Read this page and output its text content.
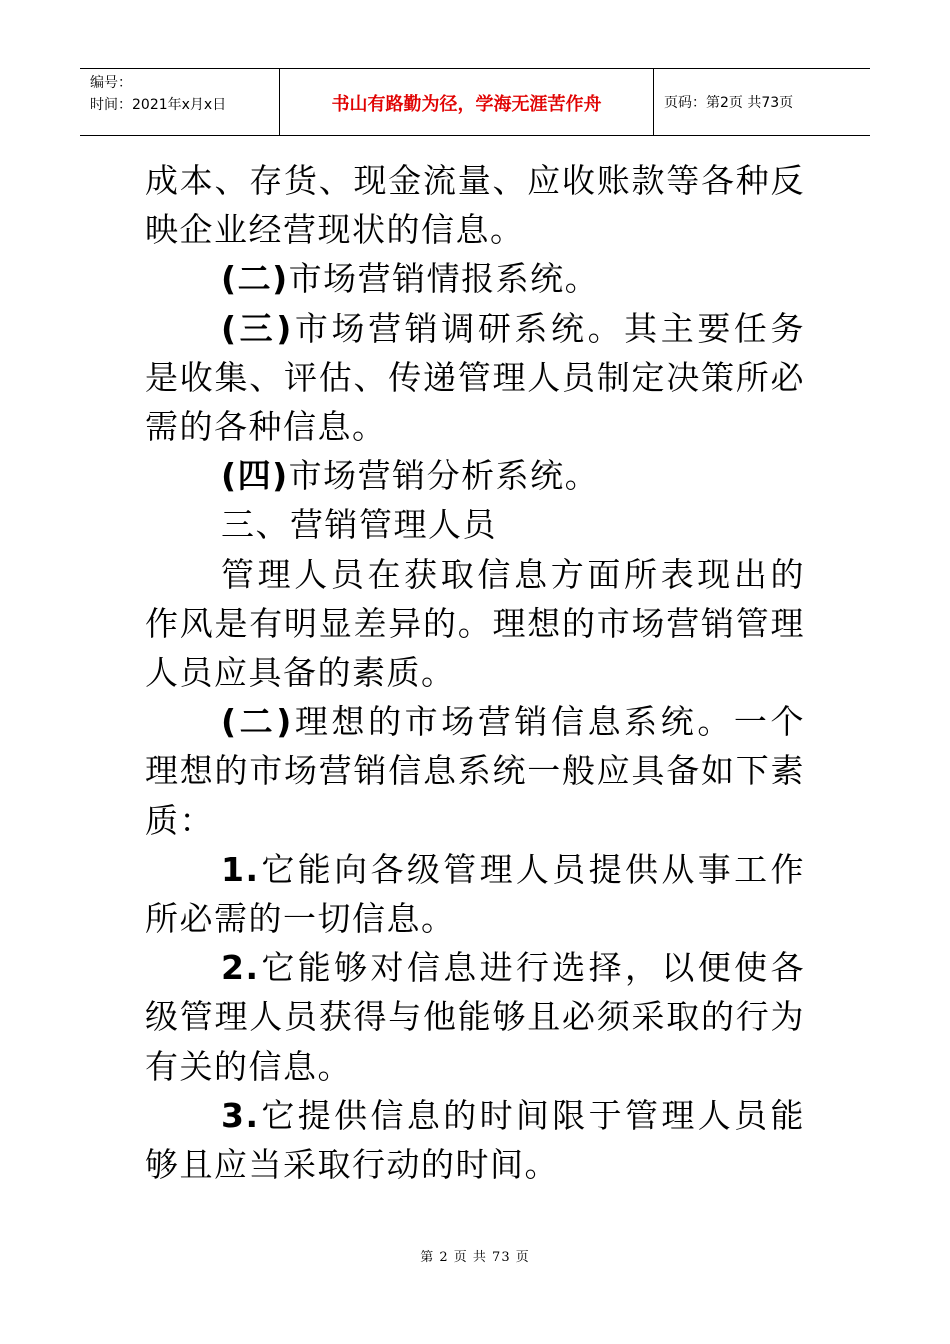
编号：
时间：2021年x月x日	书山有路勤为径，学海无涯苦作舟	页码：第2页 共73页

成本、存货、现金流量、应收账款等各种反映企业经营现状的信息。

(二)市场营销情报系统。

(三)市场营销调研系统。其主要任务是收集、评估、传递管理人员制定决策所必需的各种信息。

(四)市场营销分析系统。

三、营销管理人员

管理人员在获取信息方面所表现出的作风是有明显差异的。理想的市场营销管理人员应具备的素质。

(二)理想的市场营销信息系统。一个理想的市场营销信息系统一般应具备如下素质：

1.它能向各级管理人员提供从事工作所必需的一切信息。

2.它能够对信息进行选择，以便使各级管理人员获得与他能够且必须采取的行为有关的信息。

3.它提供信息的时间限于管理人员能够且应当采取行动的时间。

第 2 页 共 73 页
